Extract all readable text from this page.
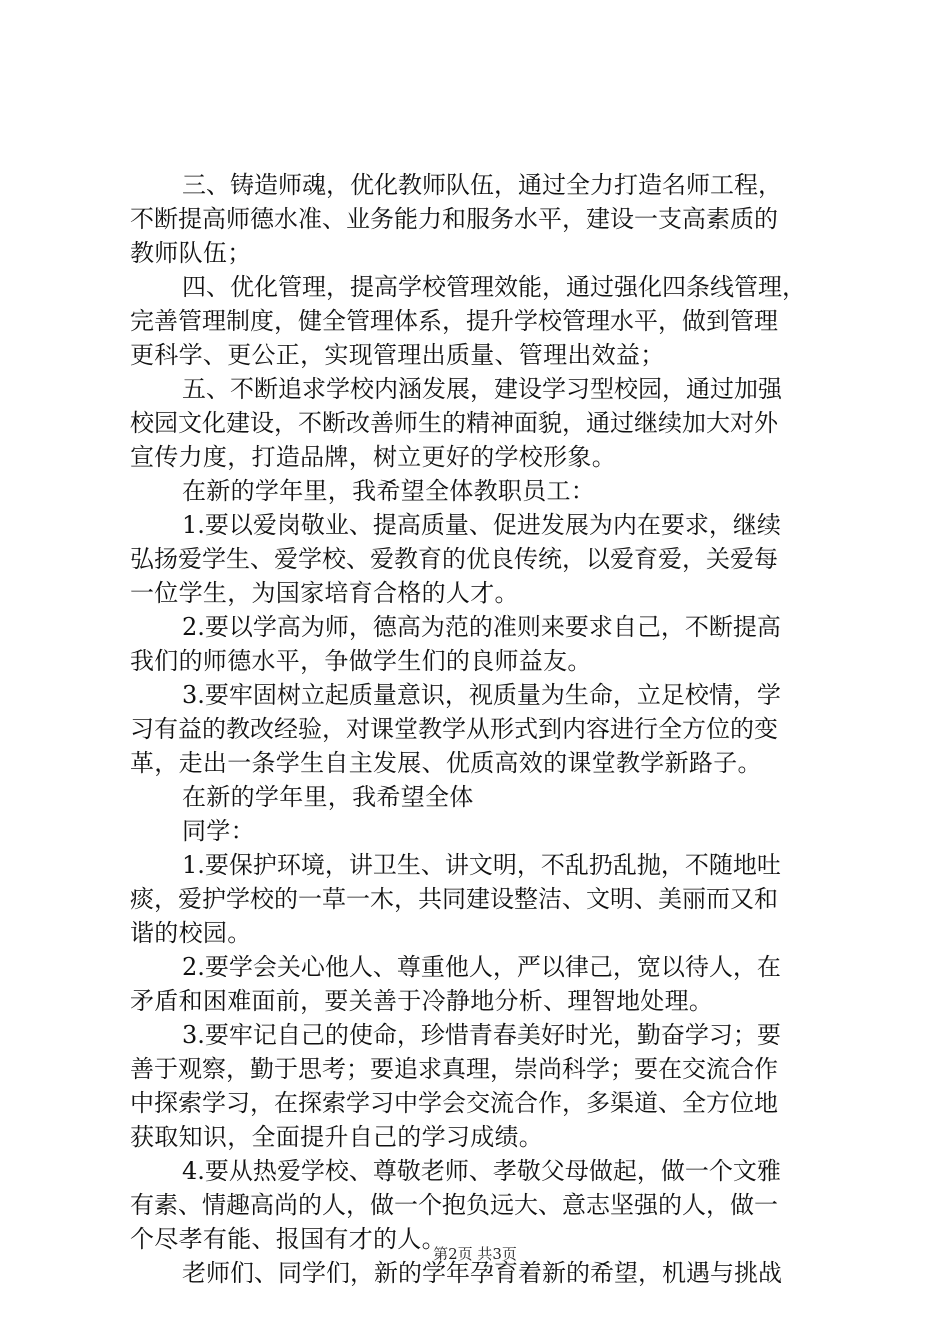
三、铸造师魂，优化教师队伍，通过全力打造名师工程，
不断提高师德水准、业务能力和服务水平，建设一支高素质的
教师队伍；
四、优化管理，提高学校管理效能，通过强化四条线管理，
完善管理制度，健全管理体系，提升学校管理水平，做到管理
更科学、更公正，实现管理出质量、管理出效益；
五、不断追求学校内涵发展，建设学习型校园，通过加强
校园文化建设，不断改善师生的精神面貌，通过继续加大对外
宣传力度，打造品牌，树立更好的学校形象。
在新的学年里，我希望全体教职员工：
1.要以爱岗敬业、提高质量、促进发展为内在要求，继续
弘扬爱学生、爱学校、爱教育的优良传统，以爱育爱，关爱每
一位学生，为国家培育合格的人才。
2.要以学高为师，德高为范的准则来要求自己，不断提高
我们的师德水平，争做学生们的良师益友。
3.要牢固树立起质量意识，视质量为生命，立足校情，学
习有益的教改经验，对课堂教学从形式到内容进行全方位的变
革，走出一条学生自主发展、优质高效的课堂教学新路子。
在新的学年里，我希望全体
同学：
1.要保护环境，讲卫生、讲文明，不乱扔乱抛，不随地吐
痰，爱护学校的一草一木，共同建设整洁、文明、美丽而又和
谐的校园。
2.要学会关心他人、尊重他人，严以律己，宽以待人，在
矛盾和困难面前，要关善于冷静地分析、理智地处理。
3.要牢记自己的使命，珍惜青春美好时光，勤奋学习；要
善于观察，勤于思考；要追求真理，崇尚科学；要在交流合作
中探索学习，在探索学习中学会交流合作，多渠道、全方位地
获取知识，全面提升自己的学习成绩。
4.要从热爱学校、尊敬老师、孝敬父母做起，做一个文雅
有素、情趣高尚的人，做一个抱负远大、意志坚强的人，做一
个尽孝有能、报国有才的人。
老师们、同学们，新的学年孕育着新的希望，机遇与挑战
第2页 共3页
